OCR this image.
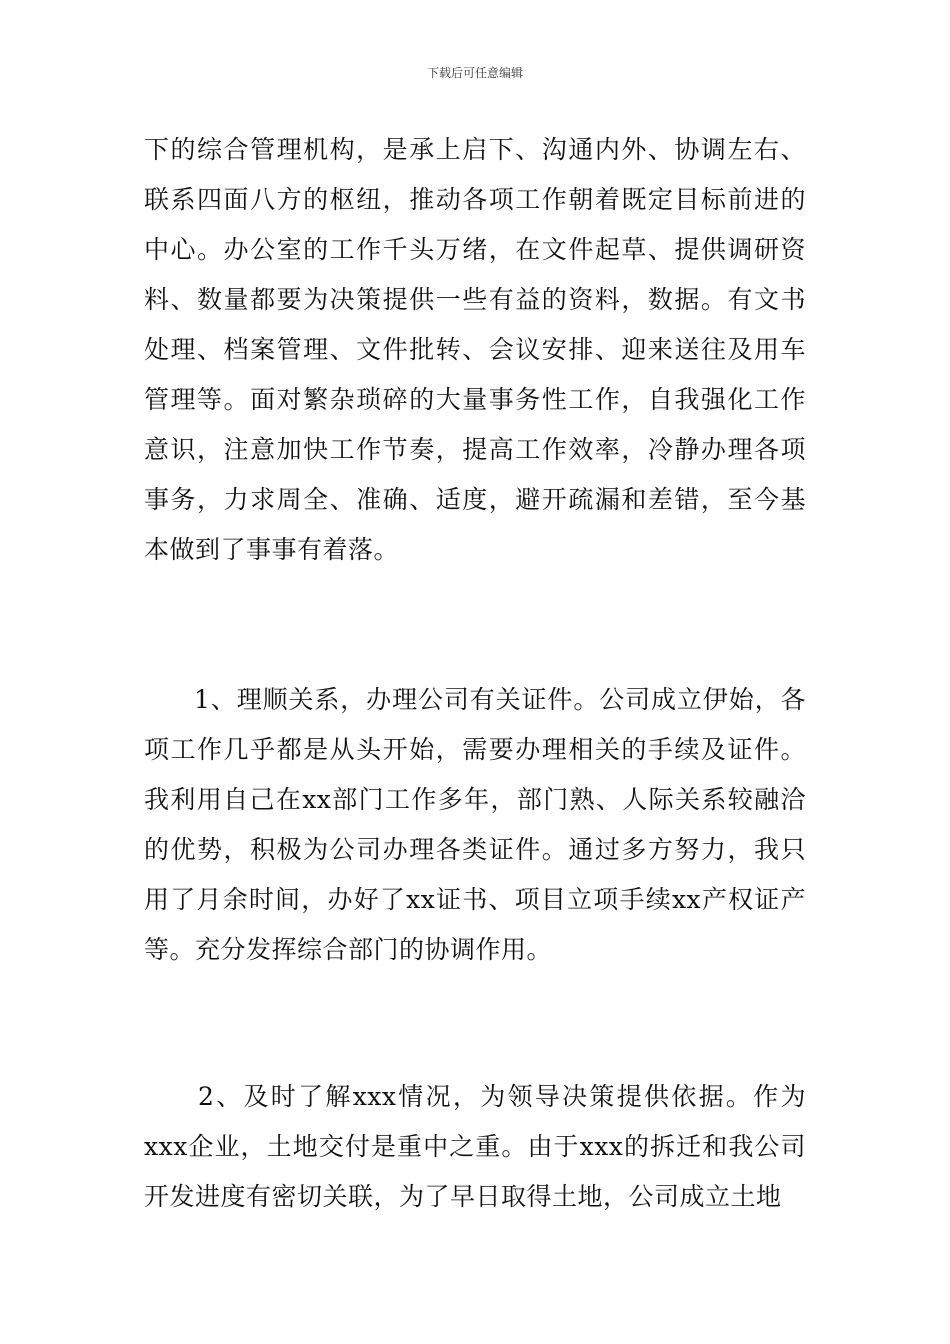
下载后可任意编辑

下的综合管理机构，是承上启下、沟通内外、协调左右、联系四面八方的枢纽，推动各项工作朝着既定目标前进的中心。办公室的工作千头万绪，在文件起草、提供调研资料、数量都要为决策提供一些有益的资料，数据。有文书处理、档案管理、文件批转、会议安排、迎来送往及用车管理等。面对繁杂琐碎的大量事务性工作，自我强化工作意识，注意加快工作节奏，提高工作效率，冷静办理各项事务，力求周全、准确、适度，避开疏漏和差错，至今基本做到了事事有着落。

1、理顺关系，办理公司有关证件。公司成立伊始，各项工作几乎都是从头开始，需要办理相关的手续及证件。我利用自己在xx部门工作多年，部门熟、人际关系较融洽的优势，积极为公司办理各类证件。通过多方努力，我只用了月余时间，办好了xx证书、项目立项手续xx产权证产等。充分发挥综合部门的协调作用。

2、及时了解xxx情况，为领导决策提供依据。作为xxx企业，土地交付是重中之重。由于xxx的拆迁和我公司开发进度有密切关联，为了早日取得土地，公司成立土地
